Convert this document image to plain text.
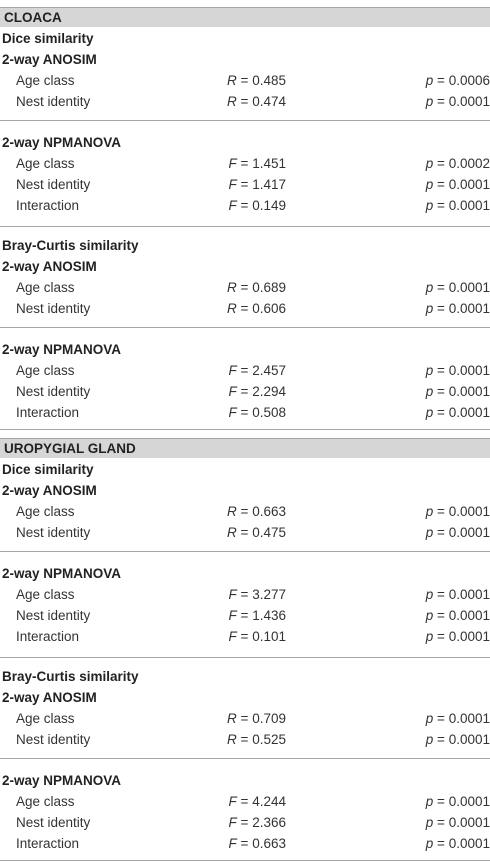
CLOACA
Dice similarity
2-way ANOSIM
Age class	R = 0.485	p = 0.0006
Nest identity	R = 0.474	p = 0.0001
2-way NPMANOVA
Age class	F = 1.451	p = 0.0002
Nest identity	F = 1.417	p = 0.0001
Interaction	F = 0.149	p = 0.0001
Bray-Curtis similarity
2-way ANOSIM
Age class	R = 0.689	p = 0.0001
Nest identity	R = 0.606	p = 0.0001
2-way NPMANOVA
Age class	F = 2.457	p = 0.0001
Nest identity	F = 2.294	p = 0.0001
Interaction	F = 0.508	p = 0.0001
UROPYGIAL GLAND
Dice similarity
2-way ANOSIM
Age class	R = 0.663	p = 0.0001
Nest identity	R = 0.475	p = 0.0001
2-way NPMANOVA
Age class	F = 3.277	p = 0.0001
Nest identity	F = 1.436	p = 0.0001
Interaction	F = 0.101	p = 0.0001
Bray-Curtis similarity
2-way ANOSIM
Age class	R = 0.709	p = 0.0001
Nest identity	R = 0.525	p = 0.0001
2-way NPMANOVA
Age class	F = 4.244	p = 0.0001
Nest identity	F = 2.366	p = 0.0001
Interaction	F = 0.663	p = 0.0001
